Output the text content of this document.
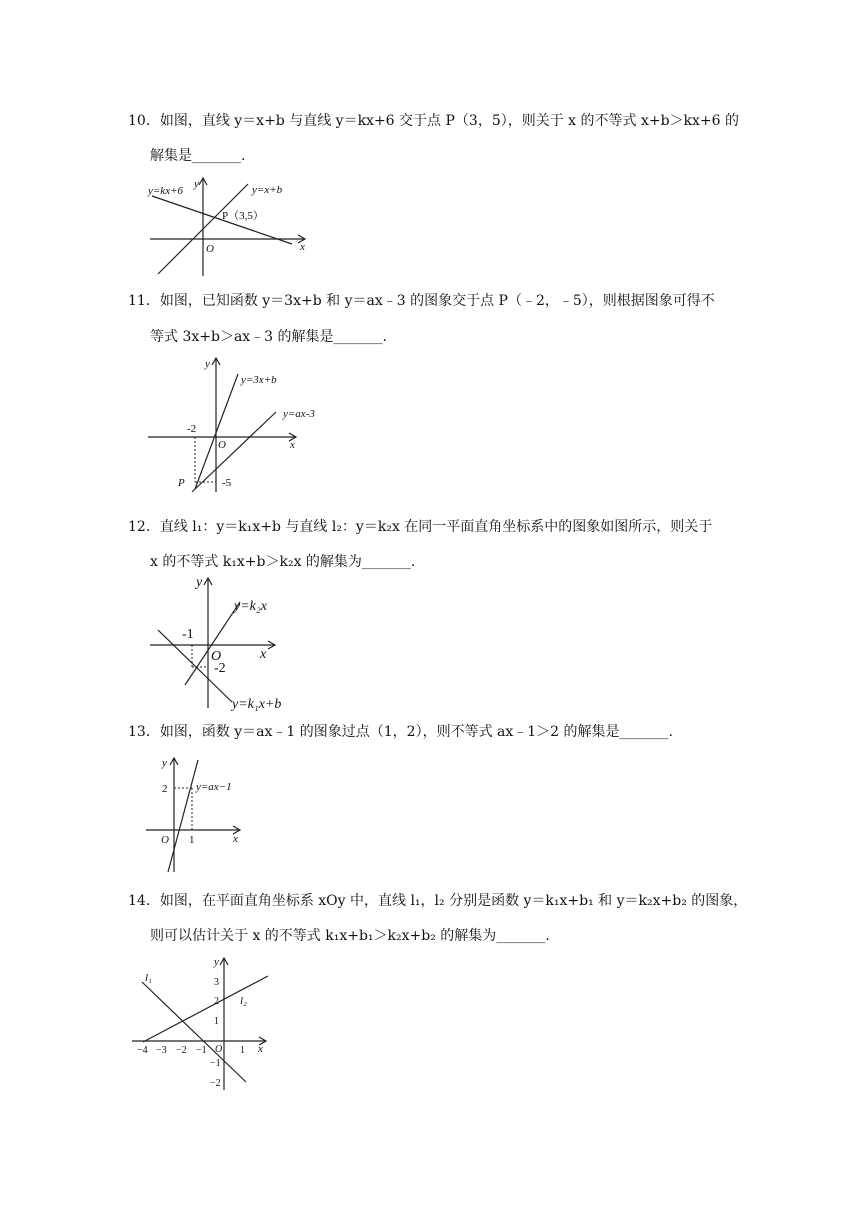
10．如图，直线 y＝x+b 与直线 y＝kx+6 交于点 P（3，5），则关于 x 的不等式 x+b＞kx+6 的
解集是_______.
y=kx+6	y=x+b
P（3,5）
y
x
O
11．如图，已知函数 y＝3x+b 和 y＝ax﹣3 的图象交于点 P（﹣2，﹣5），则根据图象可得不
等式 3x+b＞ax﹣3 的解集是_______.
y=3x+b
y=ax-3
-2
-5
P
y
x
O
12．直线 l₁：y＝k₁x+b 与直线 l₂：y＝k₂x 在同一平面直角坐标系中的图象如图所示，则关于
x 的不等式 k₁x+b＞k₂x 的解集为_______.
y=k₂x
y=k₁x+b
-1
-2
y
x
O
13．如图，函数 y＝ax﹣1 的图象过点（1，2），则不等式 ax﹣1＞2 的解集是_______.
y=ax−1
1
2
y
x
O
14．如图，在平面直角坐标系 xOy 中，直线 l₁，l₂ 分别是函数 y＝k₁x+b₁ 和 y＝k₂x+b₂ 的图象，
则可以估计关于 x 的不等式 k₁x+b₁＞k₂x+b₂ 的解集为_______.
l₁
l₂
−4 −3 −2 −1	1
3
2
1
−1
−2
y
x
O
